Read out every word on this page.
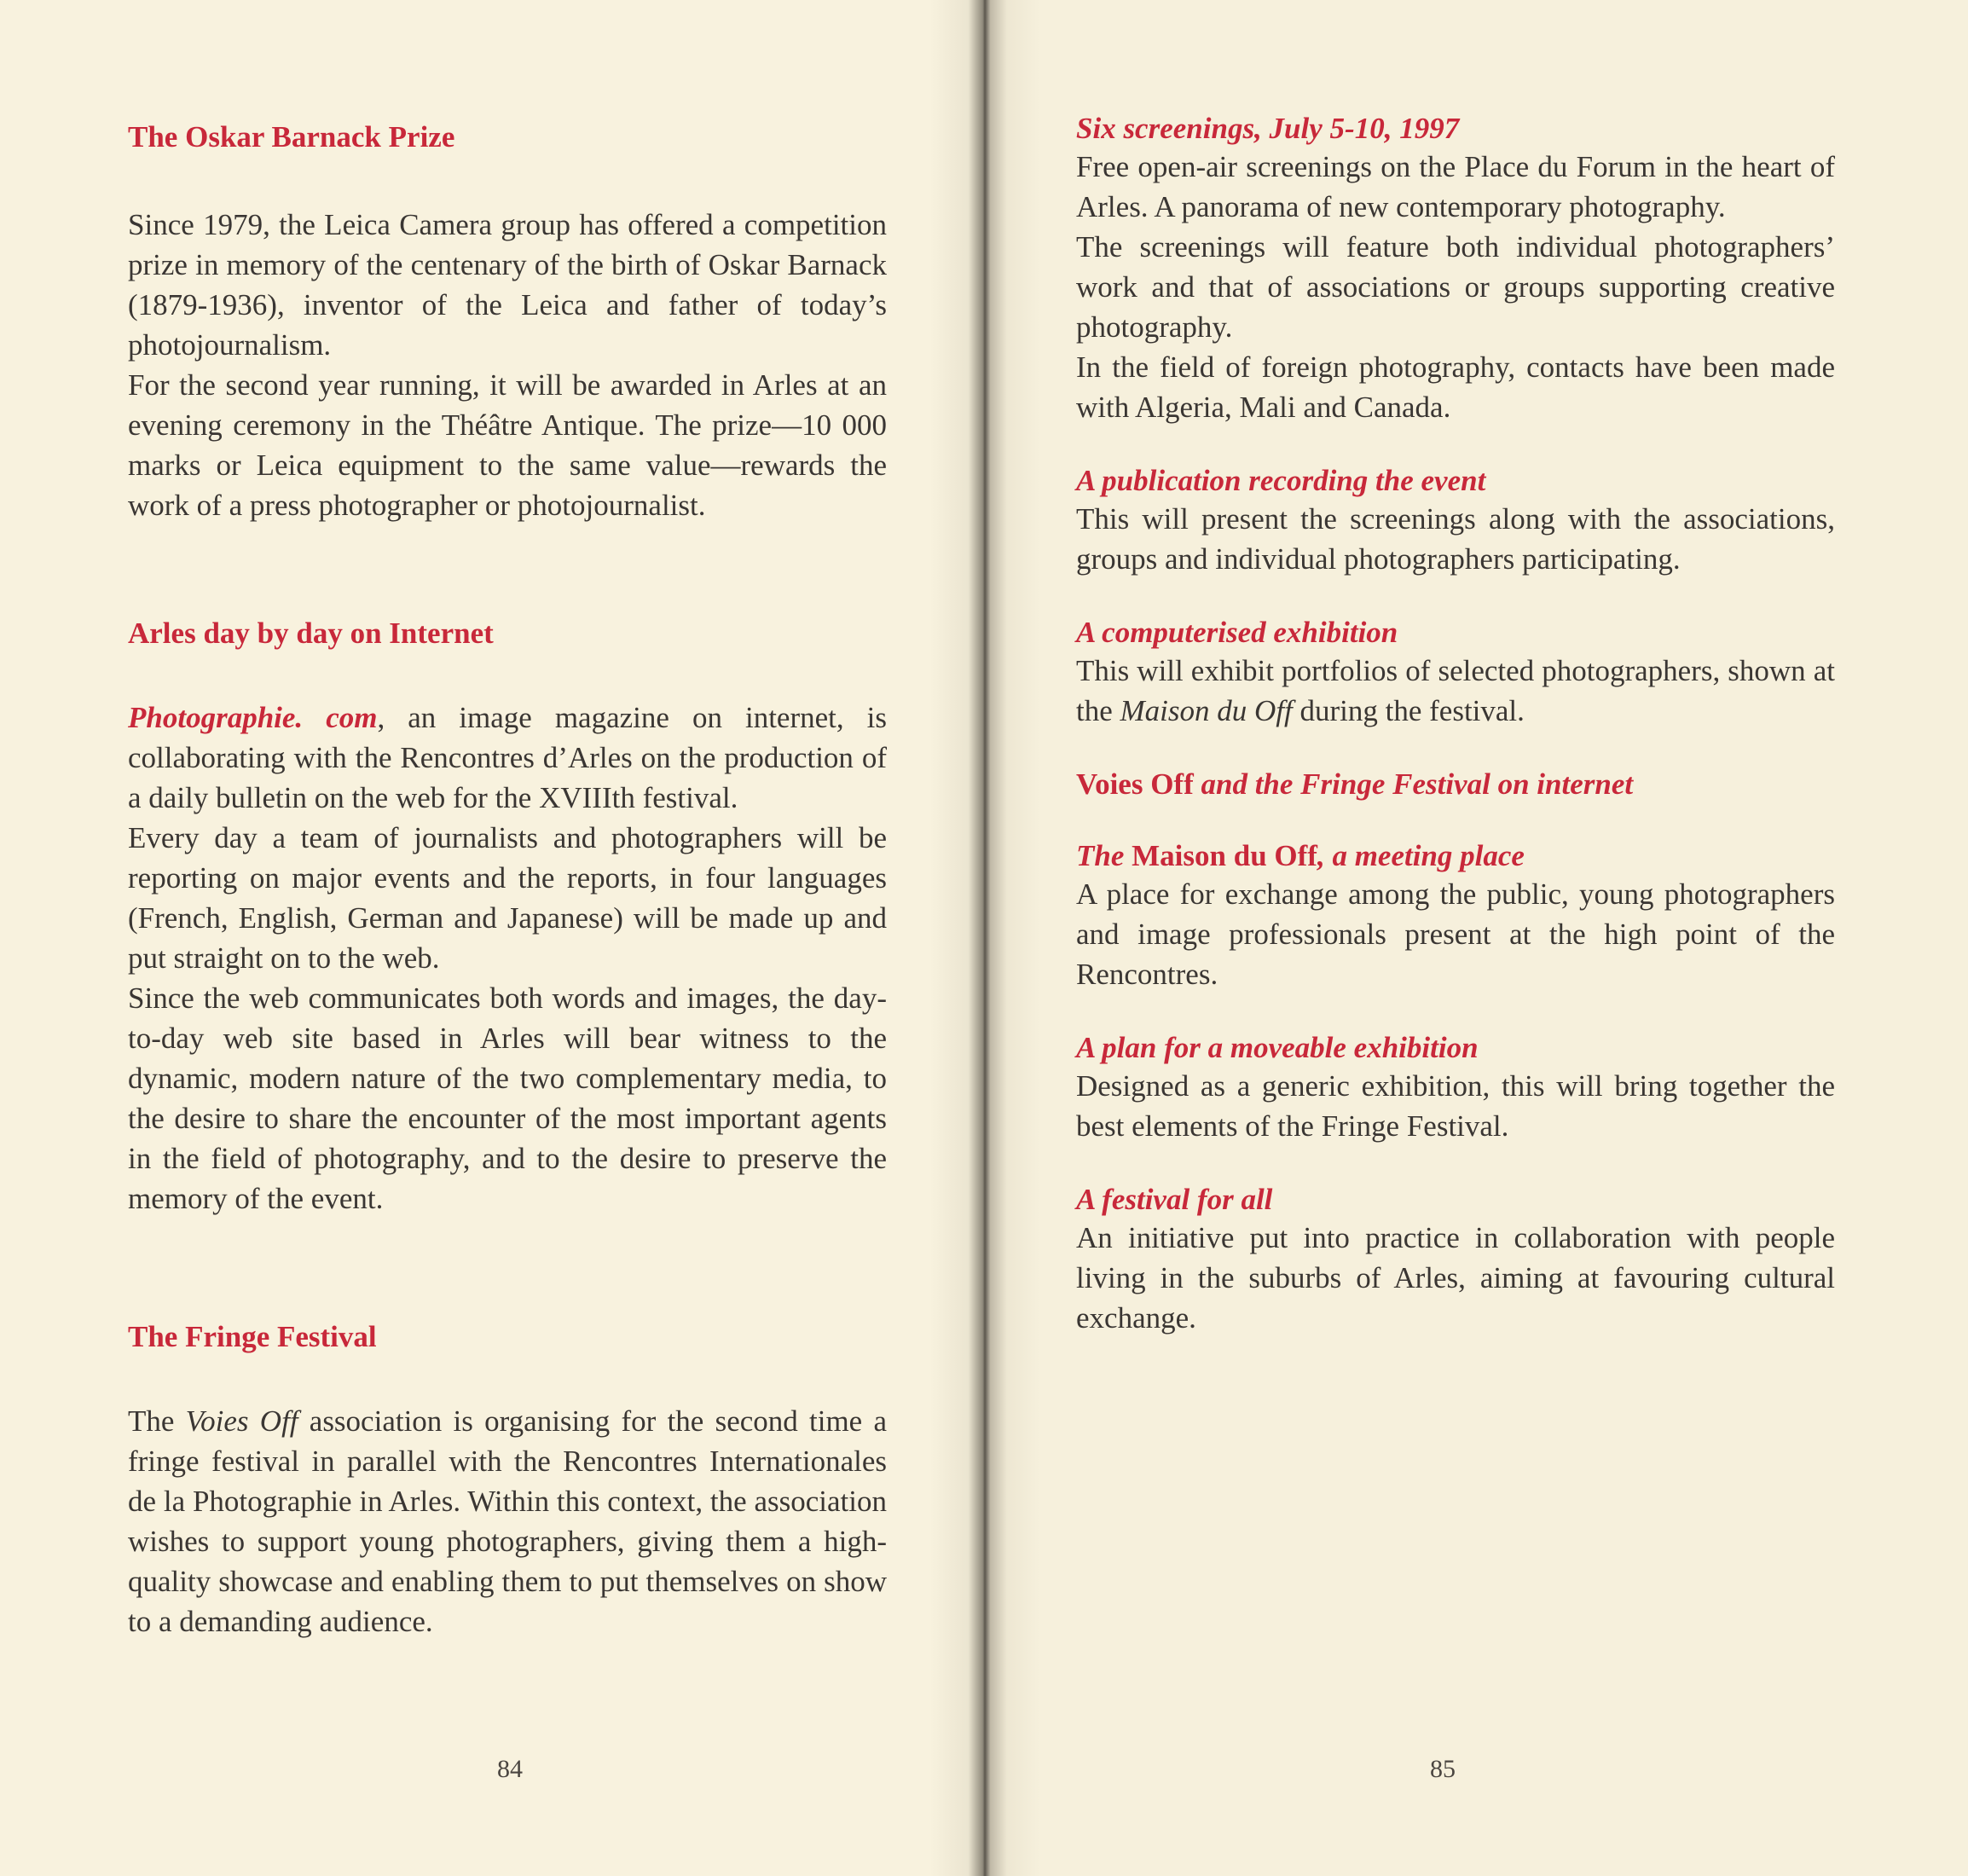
The Oskar Barnack Prize

Since 1979, the Leica Camera group has offered a competition prize in memory of the centenary of the birth of Oskar Barnack (1879-1936), inventor of the Leica and father of today’s photojournalism.

For the second year running, it will be awarded in Arles at an evening ceremony in the Théâtre Antique. The prize—10 000 marks or Leica equipment to the same value—rewards the work of a press photographer or photojournalist.

Arles day by day on Internet

Photographie. com, an image magazine on internet, is collaborating with the Rencontres d’Arles on the production of a daily bulletin on the web for the XVIIIth festival.

Every day a team of journalists and photographers will be reporting on major events and the reports, in four languages (French, English, German and Japanese) will be made up and put straight on to the web.

Since the web communicates both words and images, the day-to-day web site based in Arles will bear witness to the dynamic, modern nature of the two complementary media, to the desire to share the encounter of the most important agents in the field of photography, and to the desire to preserve the memory of the event.

The Fringe Festival

The Voies Off association is organising for the second time a fringe festival in parallel with the Rencontres Internationales de la Photographie in Arles. Within this context, the association wishes to support young photographers, giving them a high-quality showcase and enabling them to put themselves on show to a demanding audience.

Six screenings, July 5-10, 1997

Free open-air screenings on the Place du Forum in the heart of Arles. A panorama of new contemporary photography.

The screenings will feature both individual photographers’ work and that of associations or groups supporting creative photography.

In the field of foreign photography, contacts have been made with Algeria, Mali and Canada.

A publication recording the event

This will present the screenings along with the associations, groups and individual photographers participating.

A computerised exhibition

This will exhibit portfolios of selected photographers, shown at the Maison du Off during the festival.

Voies Off and the Fringe Festival on internet
The Maison du Off, a meeting place

A place for exchange among the public, young photographers and image professionals present at the high point of the Rencontres.

A plan for a moveable exhibition

Designed as a generic exhibition, this will bring together the best elements of the Fringe Festival.

A festival for all

An initiative put into practice in collaboration with people living in the suburbs of Arles, aiming at favouring cultural exchange.

84	85
